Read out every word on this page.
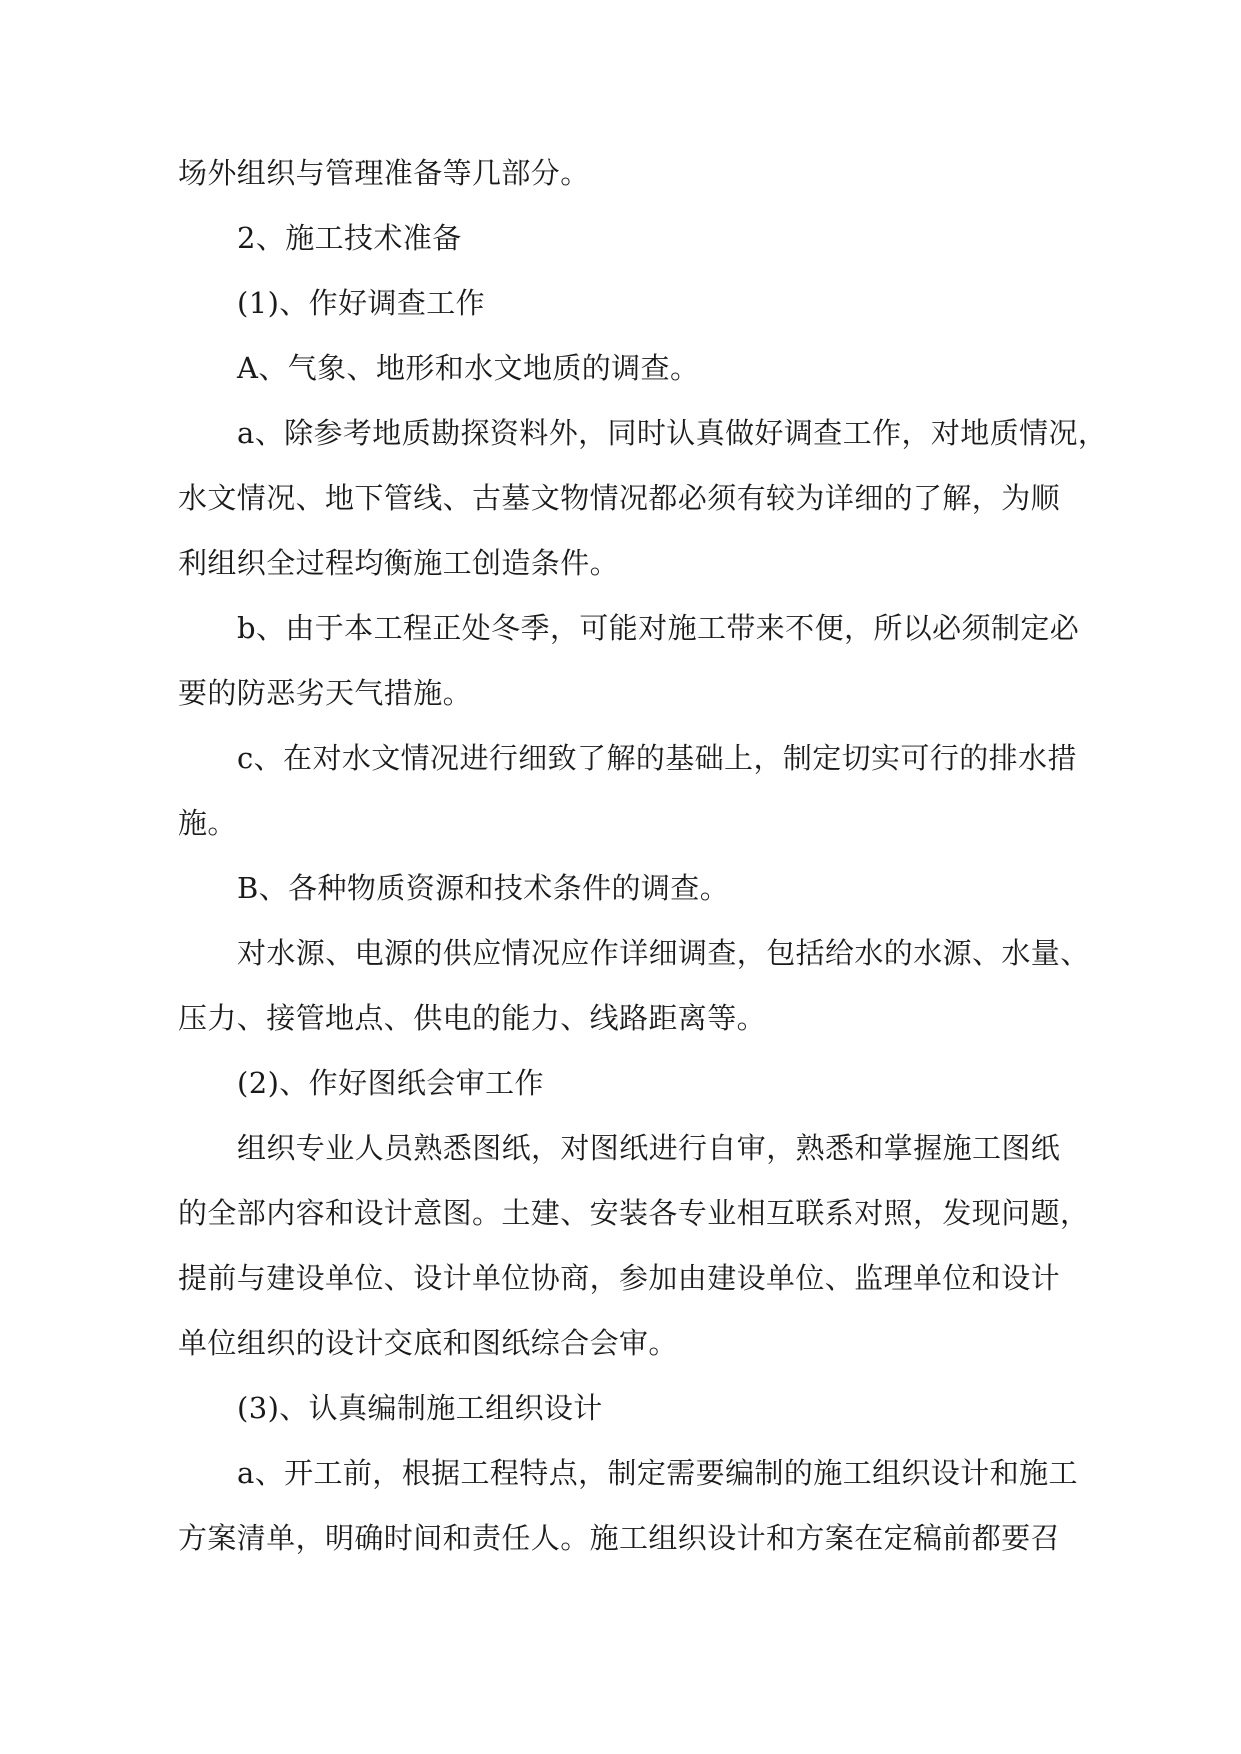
场外组织与管理准备等几部分。
2、施工技术准备
(1)、作好调查工作
A、气象、地形和水文地质的调查。
a、除参考地质勘探资料外，同时认真做好调查工作，对地质情况，
水文情况、地下管线、古墓文物情况都必须有较为详细的了解，为顺
利组织全过程均衡施工创造条件。
b、由于本工程正处冬季，可能对施工带来不便，所以必须制定必
要的防恶劣天气措施。
c、在对水文情况进行细致了解的基础上，制定切实可行的排水措
施。
B、各种物质资源和技术条件的调查。
对水源、电源的供应情况应作详细调查，包括给水的水源、水量、
压力、接管地点、供电的能力、线路距离等。
(2)、作好图纸会审工作
组织专业人员熟悉图纸，对图纸进行自审，熟悉和掌握施工图纸
的全部内容和设计意图。土建、安装各专业相互联系对照，发现问题，
提前与建设单位、设计单位协商，参加由建设单位、监理单位和设计
单位组织的设计交底和图纸综合会审。
(3)、认真编制施工组织设计
a、开工前，根据工程特点，制定需要编制的施工组织设计和施工
方案清单，明确时间和责任人。施工组织设计和方案在定稿前都要召
